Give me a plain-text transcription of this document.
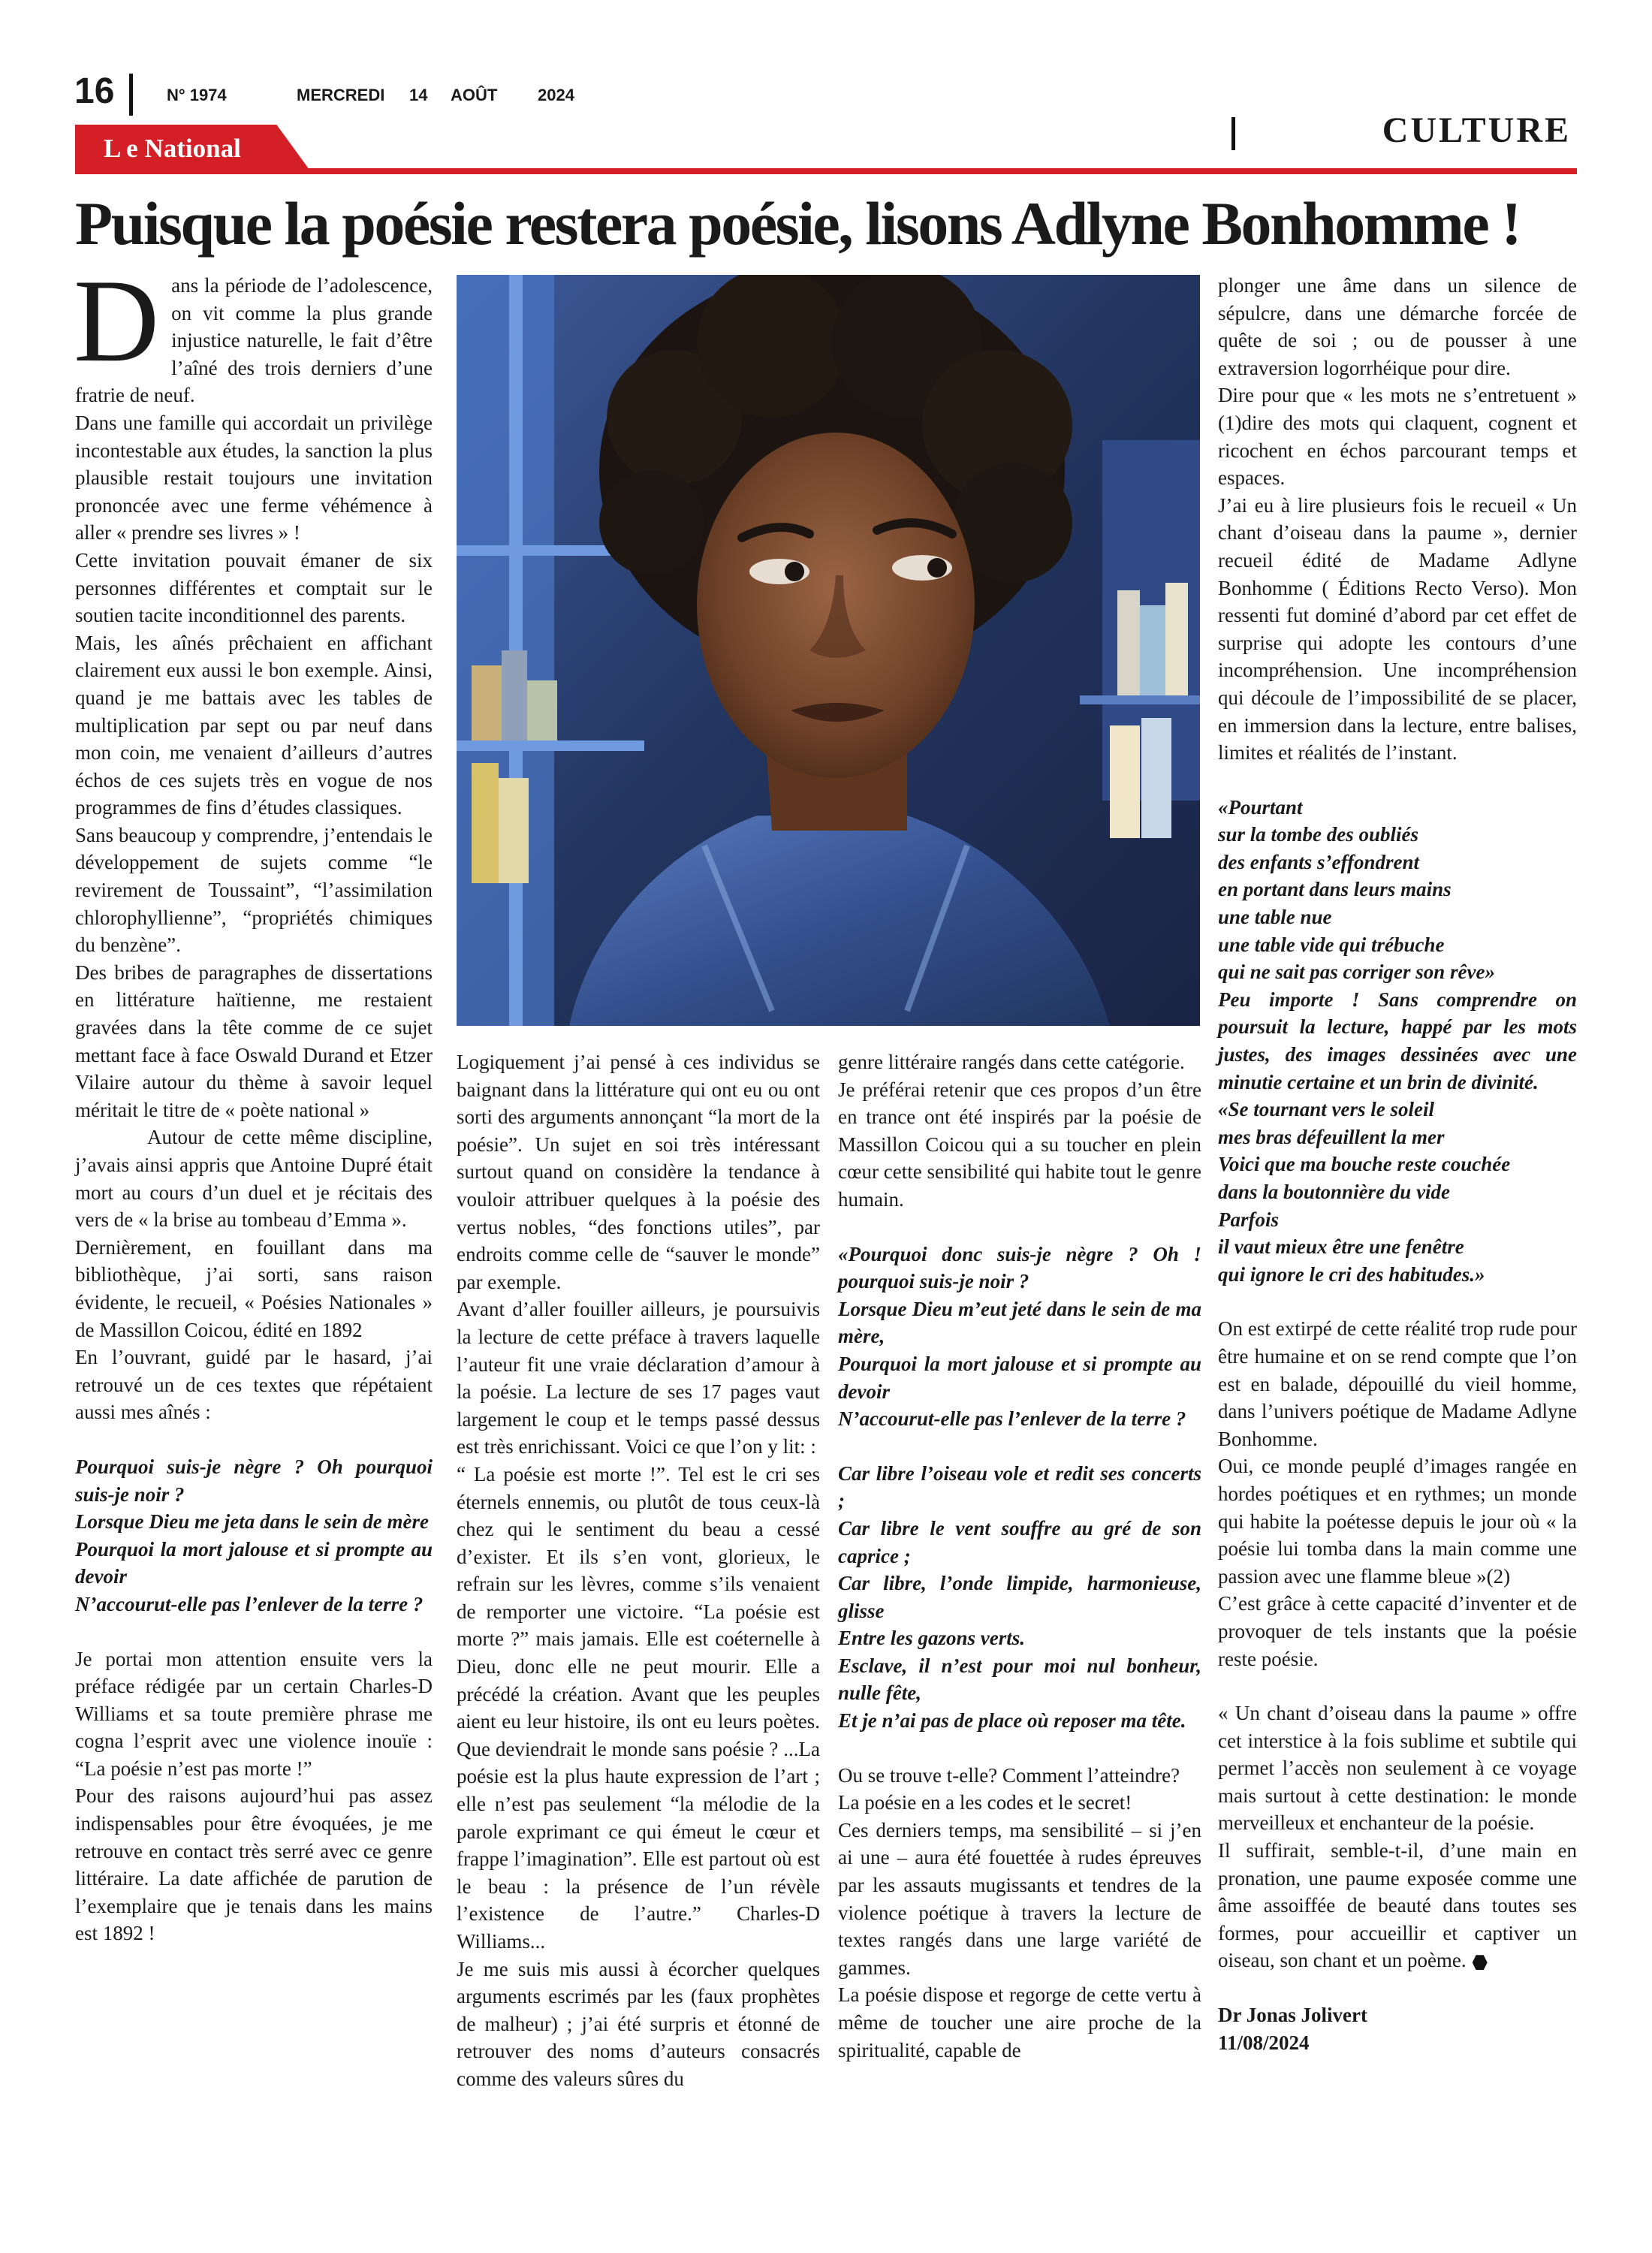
16	N° 1974	MERCREDI 14 AOÛT 2024
CULTURE
L e National
Puisque la poésie restera poésie, lisons Adlyne Bonhomme !

Dans la période de l’adolescence, on vit comme la plus grande injustice naturelle, le fait d’être l’aîné des trois derniers d’une fratrie de neuf.

Dans une famille qui accordait un privilège incontestable aux études, la sanction la plus plausible restait toujours une invitation prononcée avec une ferme véhémence à aller « prendre ses livres » !

Cette invitation pouvait émaner de six personnes différentes et comptait sur le soutien tacite inconditionnel des parents.

Mais, les aînés prêchaient en affichant clairement eux aussi le bon exemple. Ainsi, quand je me battais avec les tables de multiplication par sept ou par neuf dans mon coin, me venaient d’ailleurs d’autres échos de ces sujets très en vogue de nos programmes de fins d’études classiques.

Sans beaucoup y comprendre, j’entendais le développement de sujets comme “le revirement de Toussaint”, “l’assimilation chlorophyllienne”, “propriétés chimiques du benzène”.

Des bribes de paragraphes de dissertations en littérature haïtienne, me restaient gravées dans la tête comme de ce sujet mettant face à face Oswald Durand et Etzer Vilaire autour du thème à savoir lequel méritait le titre de « poète national »

Autour de cette même discipline, j’avais ainsi appris que Antoine Dupré était mort au cours d’un duel et je récitais des vers de « la brise au tombeau d’Emma ».

Dernièrement, en fouillant dans ma bibliothèque, j’ai sorti, sans raison évidente, le recueil, « Poésies Nationales » de Massillon Coicou, édité en 1892

En l’ouvrant, guidé par le hasard, j’ai retrouvé un de ces textes que répétaient aussi mes aînés :

Pourquoi suis-je nègre ? Oh pourquoi suis-je noir ?

Lorsque Dieu me jeta dans le sein de mère

Pourquoi la mort jalouse et si prompte au devoir

N’accourut-elle pas l’enlever de la terre ?

Je portai mon attention ensuite vers la préface rédigée par un certain Charles-D Williams et sa toute première phrase me cogna l’esprit avec une violence inouïe : “La poésie n’est pas morte !”

Pour des raisons aujourd’hui pas assez indispensables pour être évoquées, je me retrouve en contact très serré avec ce genre littéraire. La date affichée de parution de l’exemplaire que je tenais dans les mains est 1892 !

Logiquement j’ai pensé à ces individus se baignant dans la littérature qui ont eu ou ont sorti des arguments annonçant “la mort de la poésie”. Un sujet en soi très intéressant surtout quand on considère la tendance à vouloir attribuer quelques à la poésie des vertus nobles, “des fonctions utiles”, par endroits comme celle de “sauver le monde” par exemple.

Avant d’aller fouiller ailleurs, je poursuivis la lecture de cette préface à travers laquelle l’auteur fit une vraie déclaration d’amour à la poésie. La lecture de ses 17 pages vaut largement le coup et le temps passé dessus est très enrichissant. Voici ce que l’on y lit: :

“ La poésie est morte !”. Tel est le cri ses éternels ennemis, ou plutôt de tous ceux-là chez qui le sentiment du beau a cessé d’exister. Et ils s’en vont, glorieux, le refrain sur les lèvres, comme s’ils venaient de remporter une victoire. “La poésie est morte ?” mais jamais. Elle est coéternelle à Dieu, donc elle ne peut mourir. Elle a précédé la création. Avant que les peuples aient eu leur histoire, ils ont eu leurs poètes. Que deviendrait le monde sans poésie ? ...La poésie est la plus haute expression de l’art ; elle n’est pas seulement “la mélodie de la parole exprimant ce qui émeut le cœur et frappe l’imagination”. Elle est partout où est le beau : la présence de l’un révèle l’existence de l’autre.” Charles-D Williams...

Je me suis mis aussi à écorcher quelques arguments escrimés par les (faux prophètes de malheur) ; j’ai été surpris et étonné de retrouver des noms d’auteurs consacrés comme des valeurs sûres du

genre littéraire rangés dans cette catégorie.

Je préférai retenir que ces propos d’un être en trance ont été inspirés par la poésie de Massillon Coicou qui a su toucher en plein cœur cette sensibilité qui habite tout le genre humain.

«Pourquoi donc suis-je nègre ? Oh ! pourquoi suis-je noir ?

Lorsque Dieu m’eut jeté dans le sein de ma mère,

Pourquoi la mort jalouse et si prompte au devoir

N’accourut-elle pas l’enlever de la terre ?

Car libre l’oiseau vole et redit ses concerts ;

Car libre le vent souffre au gré de son caprice ;

Car libre, l’onde limpide, harmonieuse, glisse

Entre les gazons verts.

Esclave, il n’est pour moi nul bonheur, nulle fête,

Et je n’ai pas de place où reposer ma tête.

Ou se trouve t-elle? Comment l’atteindre?

La poésie en a les codes et le secret!

Ces derniers temps, ma sensibilité – si j’en ai une – aura été fouettée à rudes épreuves par les assauts mugissants et tendres de la violence poétique à travers la lecture de textes rangés dans une large variété de gammes.

La poésie dispose et regorge de cette vertu à même de toucher une aire proche de la spiritualité, capable de

plonger une âme dans un silence de sépulcre, dans une démarche forcée de quête de soi ; ou de pousser à une extraversion logorrhéique pour dire.

Dire pour que « les mots ne s’entretuent » (1)dire des mots qui claquent, cognent et ricochent en échos parcourant temps et espaces.

J’ai eu à lire plusieurs fois le recueil « Un chant d’oiseau dans la paume », dernier recueil édité de Madame Adlyne Bonhomme ( Éditions Recto Verso). Mon ressenti fut dominé d’abord par cet effet de surprise qui adopte les contours d’une incompréhension. Une incompréhension qui découle de l’impossibilité de se placer, en immersion dans la lecture, entre balises, limites et réalités de l’instant.

«Pourtant

sur la tombe des oubliés

des enfants s’effondrent

en portant dans leurs mains

une table nue

une table vide qui trébuche

qui ne sait pas corriger son rêve»

Peu importe ! Sans comprendre on poursuit la lecture, happé par les mots justes, des images dessinées avec une minutie certaine et un brin de divinité.

«Se tournant vers le soleil

mes bras défeuillent la mer

Voici que ma bouche reste couchée

dans la boutonnière du vide

Parfois

il vaut mieux être une fenêtre

qui ignore le cri des habitudes.»

On est extirpé de cette réalité trop rude pour être humaine et on se rend compte que l’on est en balade, dépouillé du vieil homme, dans l’univers poétique de Madame Adlyne Bonhomme.

Oui, ce monde peuplé d’images rangée en hordes poétiques et en rythmes; un monde qui habite la poétesse depuis le jour où « la poésie lui tomba dans la main comme une passion avec une flamme bleue »(2)

C’est grâce à cette capacité d’inventer et de provoquer de tels instants que la poésie reste poésie.

« Un chant d’oiseau dans la paume » offre cet interstice à la fois sublime et subtile qui permet l’accès non seulement à ce voyage mais surtout à cette destination: le monde merveilleux et enchanteur de la poésie.

Il suffirait, semble-t-il, d’une main en pronation, une paume exposée comme une âme assoiffée de beauté dans toutes ses formes, pour accueillir et captiver un oiseau, son chant et un poème.

Dr Jonas Jolivert

11/08/2024
